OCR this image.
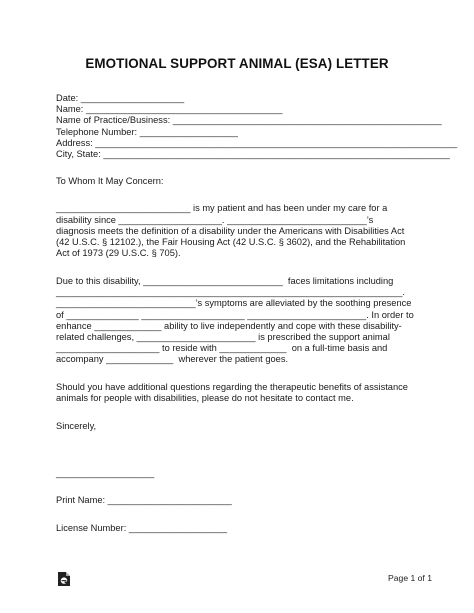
EMOTIONAL SUPPORT ANIMAL (ESA) LETTER
Date: ____________________
Name: ______________________________________
Name of Practice/Business: ____________________________________________________
Telephone Number: ___________________
Address: ______________________________________________________________________
City, State: ___________________________________________________________________
To Whom It May Concern:
__________________________ is my patient and has been under my care for a
disability since ____________________. ___________________________’s
diagnosis meets the definition of a disability under the Americans with Disabilities Act
(42 U.S.C. § 12102.), the Fair Housing Act (42 U.S.C. § 3602), and the Rehabilitation
Act of 1973 (29 U.S.C. § 705).
Due to this disability, ___________________________  faces limitations including
___________________________________________________________________.
___________________________’s symptoms are alleviated by the soothing presence
of ______________ ____________________ _______________________. In order to
enhance _____________ ability to live independently and cope with these disability-
related challenges, _______________________ is prescribed the support animal
____________________ to reside with _____________  on a full-time basis and
accompany _____________  wherever the patient goes.
Should you have additional questions regarding the therapeutic benefits of assistance
animals for people with disabilities, please do not hesitate to contact me.
Sincerely,
___________________
Print Name: ________________________
License Number: ___________________
Page 1 of 1
